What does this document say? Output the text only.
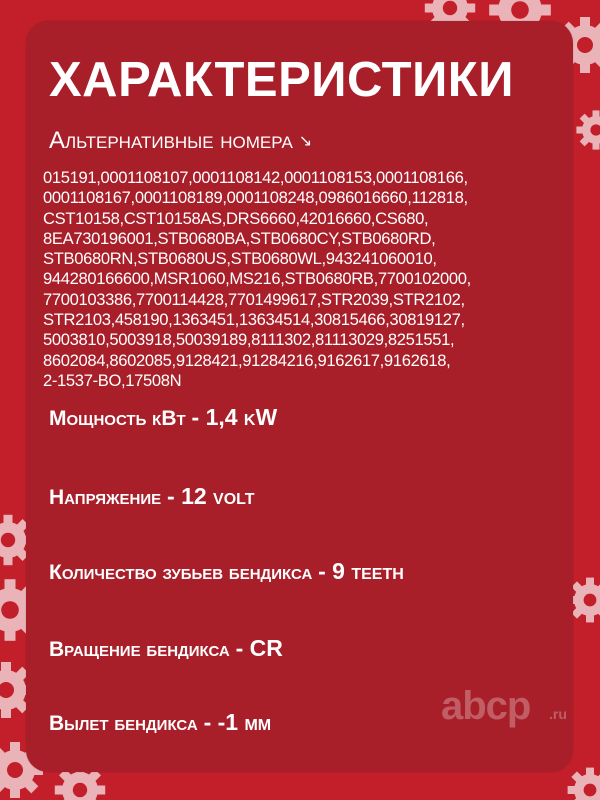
ХАРАКТЕРИСТИКИ
Альтернативные номера ↘
015191,0001108107,0001108142,0001108153,0001108166,
0001108167,0001108189,0001108248,0986016660,112818,
CST10158,CST10158AS,DRS6660,42016660,CS680,
8EA730196001,STB0680BA,STB0680CY,STB0680RD,
STB0680RN,STB0680US,STB0680WL,943241060010,
944280166600,MSR1060,MS216,STB0680RB,7700102000,
7700103386,7700114428,7701499617,STR2039,STR2102,
STR2103,458190,1363451,13634514,30815466,30819127,
5003810,5003918,50039189,8111302,81113029,8251551,
8602084,8602085,9128421,91284216,9162617,9162618,
2-1537-BO,17508N
Мощность кВт - 1,4 kW
Напряжение - 12 volt
Количество зубьев бендикса - 9 teeth
Вращение бендикса - CR
Вылет бендикса - -1 мм	abcp .ru
